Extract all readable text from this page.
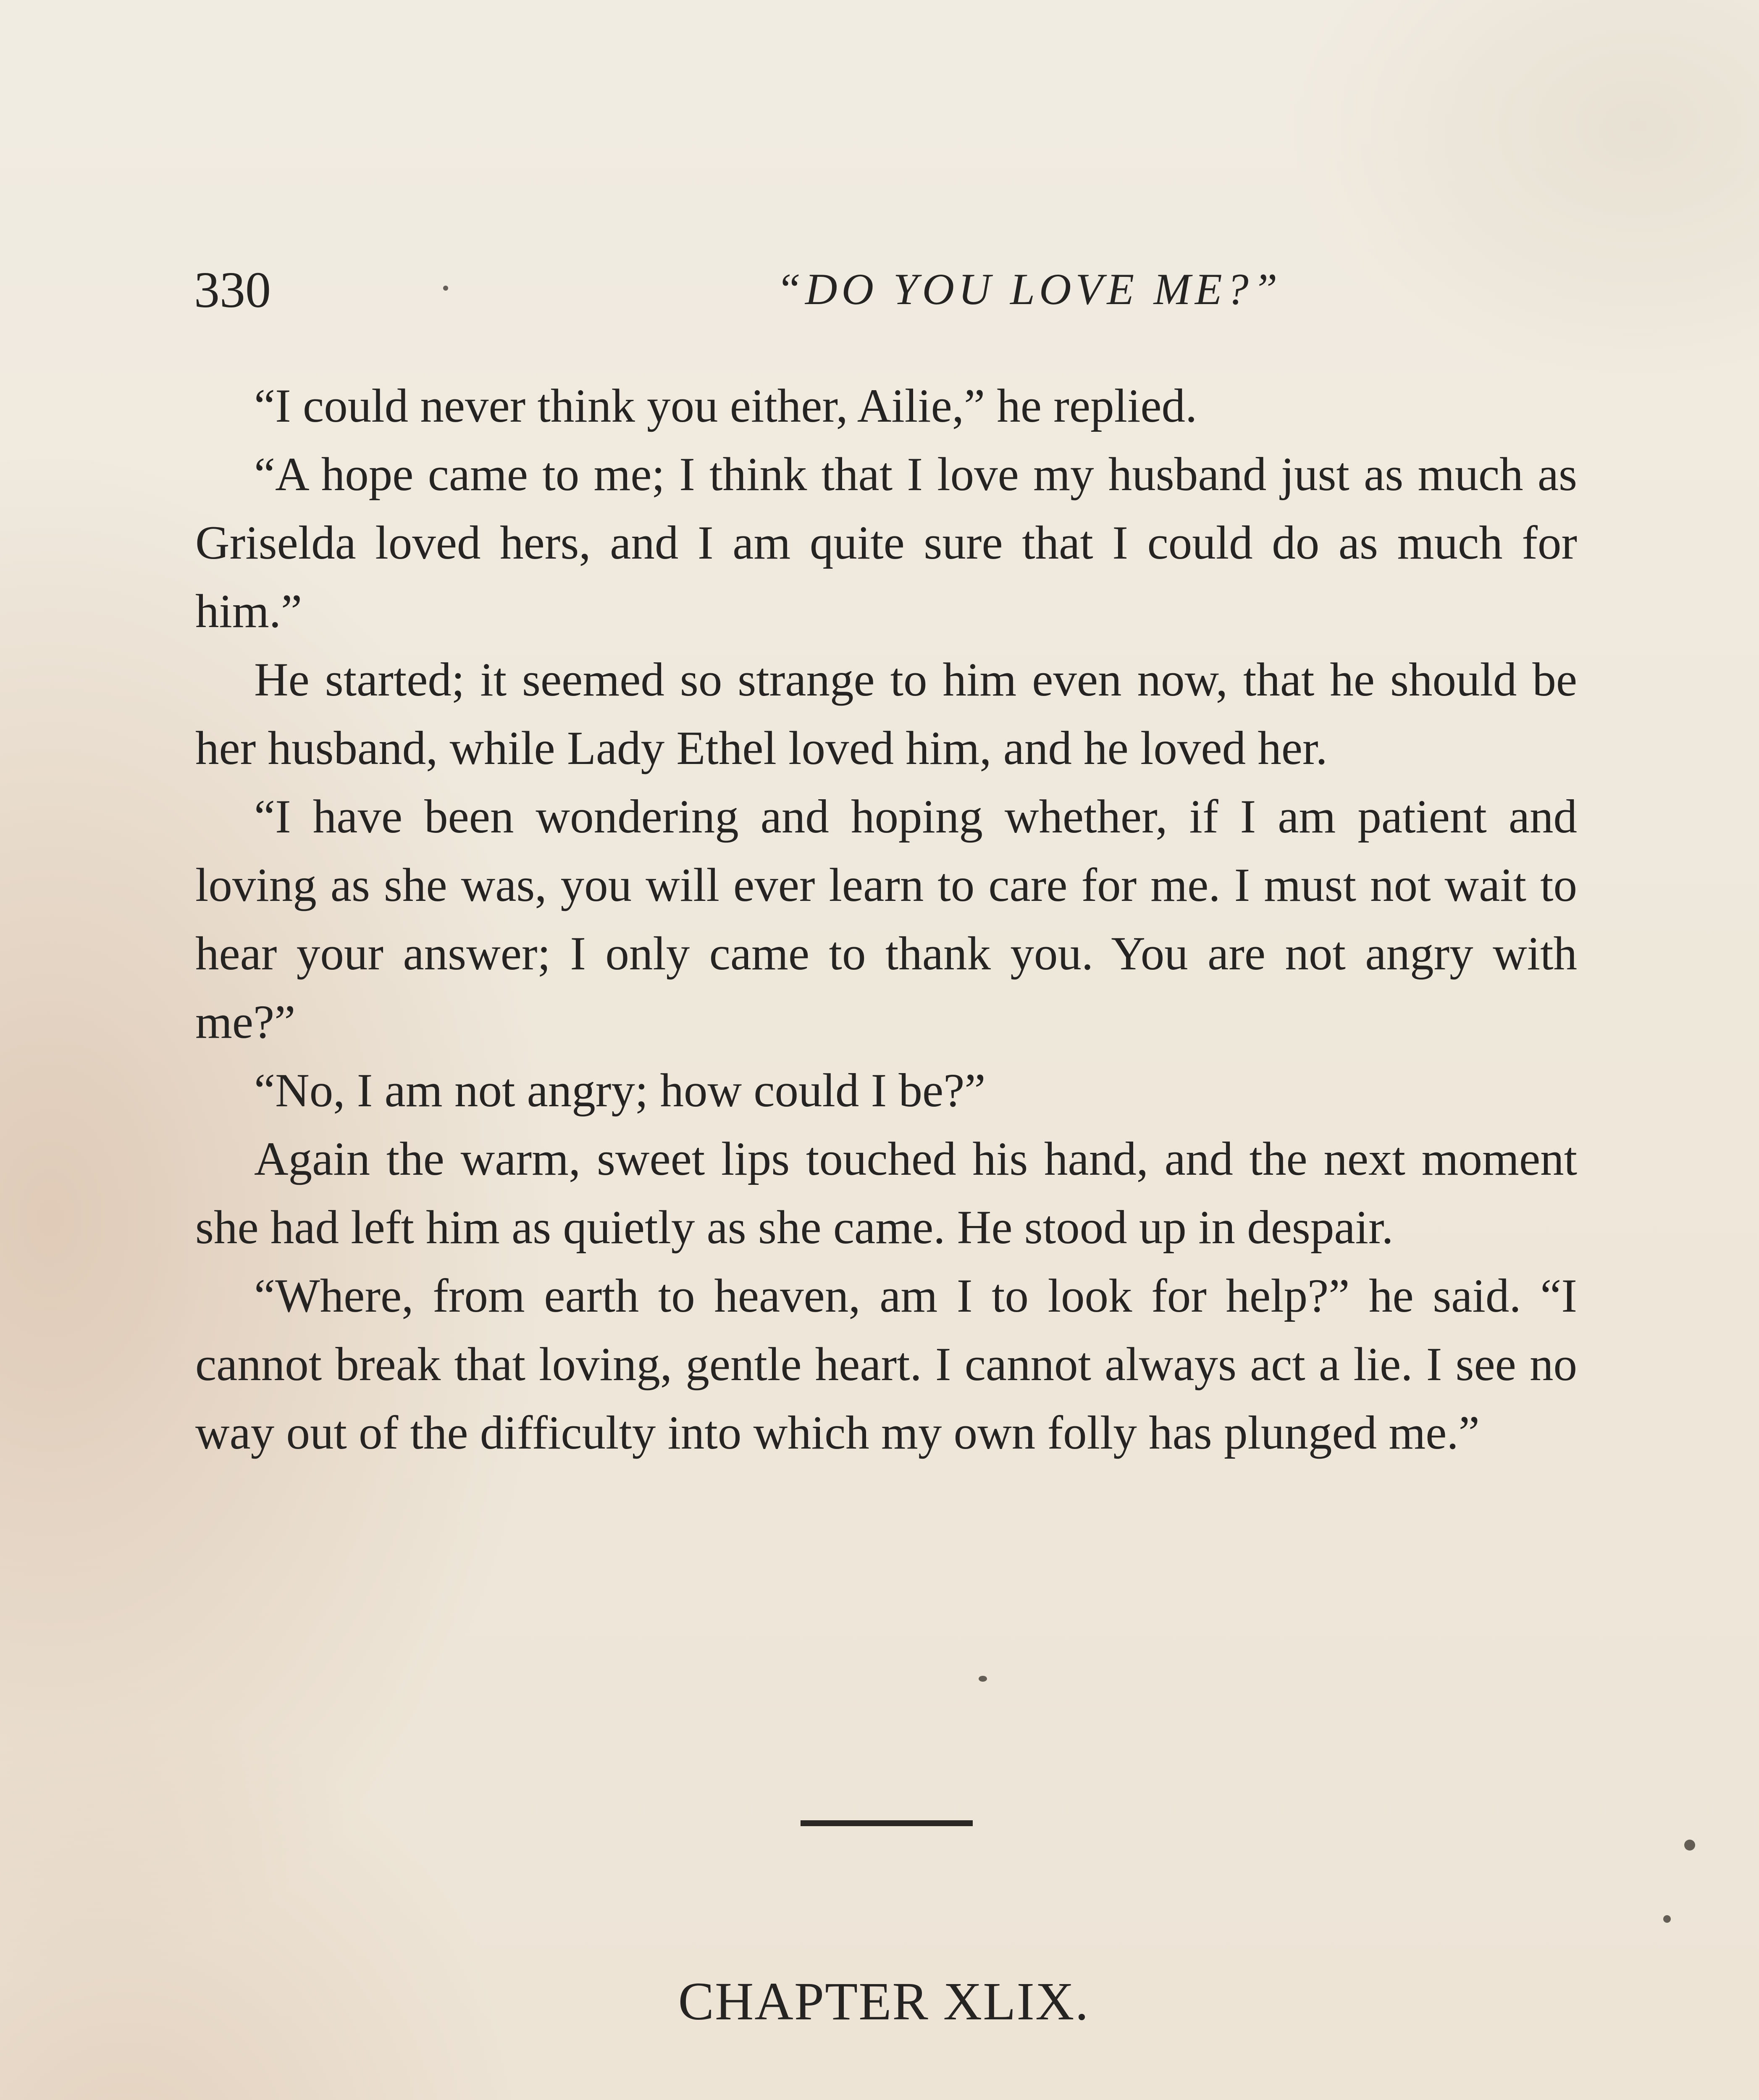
330	“DO YOU LOVE ME?”

“I could never think you either, Ailie,” he replied.

“A hope came to me; I think that I love my husband just as much as Griselda loved hers, and I am quite sure that I could do as much for him.”

He started; it seemed so strange to him even now, that he should be her husband, while Lady Ethel loved him, and he loved her.

“I have been wondering and hoping whether, if I am patient and loving as she was, you will ever learn to care for me. I must not wait to hear your answer; I only came to thank you. You are not angry with me?”

“No, I am not angry; how could I be?”

Again the warm, sweet lips touched his hand, and the next moment she had left him as quietly as she came. He stood up in despair.

“Where, from earth to heaven, am I to look for help?” he said. “I cannot break that loving, gentle heart. I cannot always act a lie. I see no way out of the difficulty into which my own folly has plunged me.”

CHAPTER XLIX.
